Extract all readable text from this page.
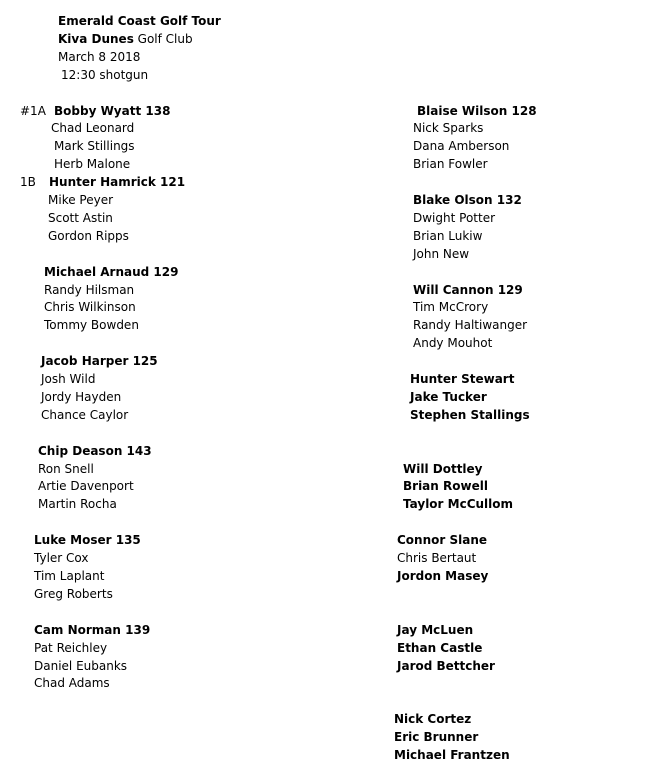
Emerald Coast Golf Tour
Kiva Dunes Golf Club
March 8 2018
12:30 shotgun
#1A Bobby Wyatt 138
Chad Leonard
Mark Stillings
Herb Malone
1B Hunter Hamrick 121
Mike Peyer
Scott Astin
Gordon Ripps
Michael Arnaud 129
Randy Hilsman
Chris Wilkinson
Tommy Bowden
Jacob Harper 125
Josh Wild
Jordy Hayden
Chance Caylor
Chip Deason 143
Ron Snell
Artie Davenport
Martin Rocha
Luke Moser 135
Tyler Cox
Tim Laplant
Greg Roberts
Cam Norman 139
Pat Reichley
Daniel Eubanks
Chad Adams
Blaise Wilson 128
Nick Sparks
Dana Amberson
Brian Fowler
Blake Olson 132
Dwight Potter
Brian Lukiw
John New
Will Cannon 129
Tim McCrory
Randy Haltiwanger
Andy Mouhot
Hunter Stewart
Jake Tucker
Stephen Stallings
Will Dottley
Brian Rowell
Taylor McCullom
Connor Slane
Chris Bertaut
Jordon Masey
Jay McLuen
Ethan Castle
Jarod Bettcher
Nick Cortez
Eric Brunner
Michael Frantzen
